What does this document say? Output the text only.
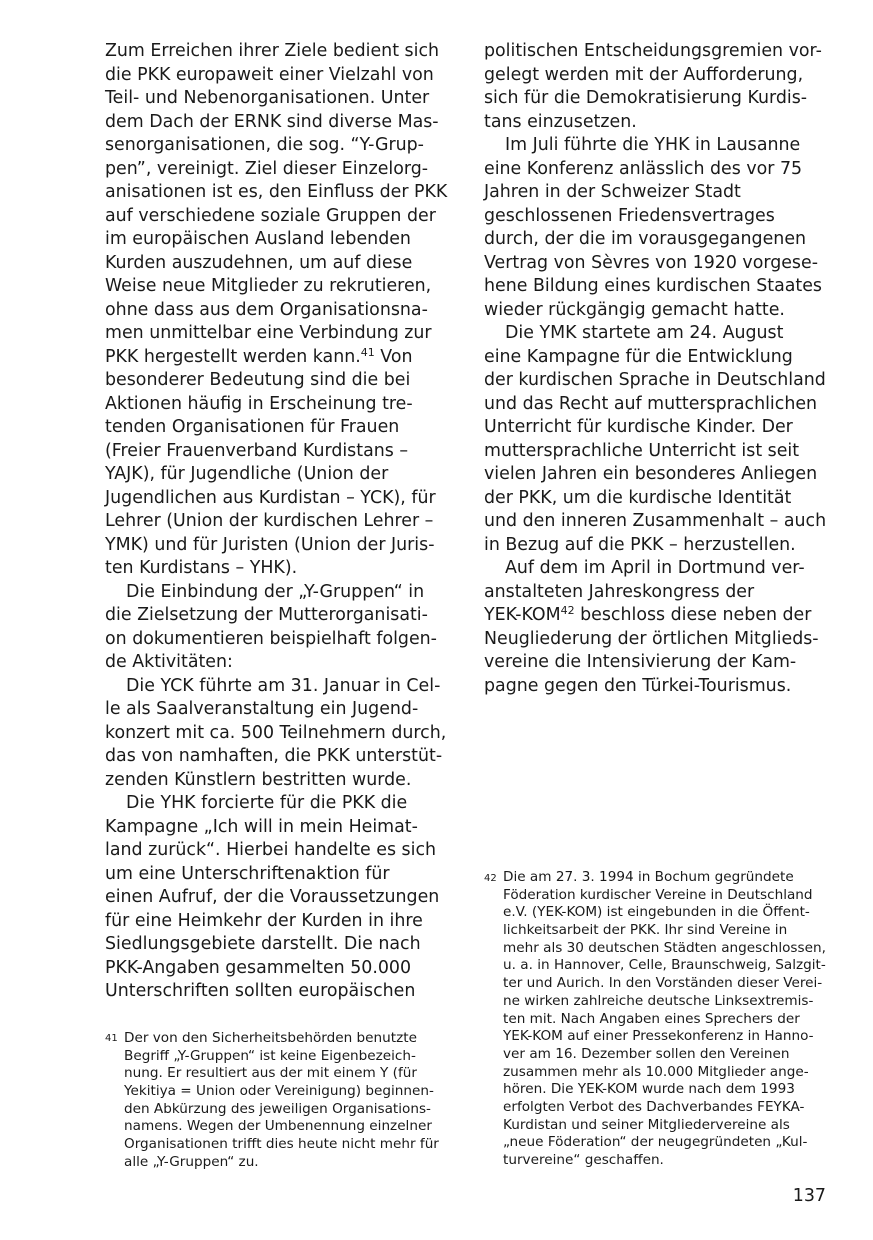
Zum Erreichen ihrer Ziele bedient sich
die PKK europaweit einer Vielzahl von
Teil- und Nebenorganisationen. Unter
dem Dach der ERNK sind diverse Mas-
senorganisationen, die sog. “Y-Grup-
pen”, vereinigt. Ziel dieser Einzelorg-
anisationen ist es, den Einfluss der PKK
auf verschiedene soziale Gruppen der
im europäischen Ausland lebenden
Kurden auszudehnen, um auf diese
Weise neue Mitglieder zu rekrutieren,
ohne dass aus dem Organisationsna-
men unmittelbar eine Verbindung zur
PKK hergestellt werden kann.$^{41}$ Von
besonderer Bedeutung sind die bei
Aktionen häufig in Erscheinung tre-
tenden Organisationen für Frauen
(Freier Frauenverband Kurdistans –
YAJK), für Jugendliche (Union der
Jugendlichen aus Kurdistan – YCK), für
Lehrer (Union der kurdischen Lehrer –
YMK) und für Juristen (Union der Juris-
ten Kurdistans – YHK).
Die Einbindung der „Y-Gruppen“ in
die Zielsetzung der Mutterorganisati-
on dokumentieren beispielhaft folgen-
de Aktivitäten:
Die YCK führte am 31. Januar in Cel-
le als Saalveranstaltung ein Jugend-
konzert mit ca. 500 Teilnehmern durch,
das von namhaften, die PKK unterstüt-
zenden Künstlern bestritten wurde.
Die YHK forcierte für die PKK die
Kampagne „Ich will in mein Heimat-
land zurück“. Hierbei handelte es sich
um eine Unterschriftenaktion für
einen Aufruf, der die Voraussetzungen
für eine Heimkehr der Kurden in ihre
Siedlungsgebiete darstellt. Die nach
PKK-Angaben gesammelten 50.000
Unterschriften sollten europäischen
politischen Entscheidungsgremien vor-
gelegt werden mit der Aufforderung,
sich für die Demokratisierung Kurdis-
tans einzusetzen.
Im Juli führte die YHK in Lausanne
eine Konferenz anlässlich des vor 75
Jahren in der Schweizer Stadt
geschlossenen Friedensvertrages
durch, der die im vorausgegangenen
Vertrag von Sèvres von 1920 vorgese-
hene Bildung eines kurdischen Staates
wieder rückgängig gemacht hatte.
Die YMK startete am 24. August
eine Kampagne für die Entwicklung
der kurdischen Sprache in Deutschland
und das Recht auf muttersprachlichen
Unterricht für kurdische Kinder. Der
muttersprachliche Unterricht ist seit
vielen Jahren ein besonderes Anliegen
der PKK, um die kurdische Identität
und den inneren Zusammenhalt – auch
in Bezug auf die PKK – herzustellen.
Auf dem im April in Dortmund ver-
anstalteten Jahreskongress der
YEK-KOM$^{42}$ beschloss diese neben der
Neugliederung der örtlichen Mitglieds-
vereine die Intensivierung der Kam-
pagne gegen den Türkei-Tourismus.
41 Der von den Sicherheitsbehörden benutzte
Begriff „Y-Gruppen“ ist keine Eigenbezeich-
nung. Er resultiert aus der mit einem Y (für
Yekitiya = Union oder Vereinigung) beginnen-
den Abkürzung des jeweiligen Organisations-
namens. Wegen der Umbenennung einzelner
Organisationen trifft dies heute nicht mehr für
alle „Y-Gruppen“ zu.
42 Die am 27. 3. 1994 in Bochum gegründete
Föderation kurdischer Vereine in Deutschland
e.V. (YEK-KOM) ist eingebunden in die Öffent-
lichkeitsarbeit der PKK. Ihr sind Vereine in
mehr als 30 deutschen Städten angeschlossen,
u. a. in Hannover, Celle, Braunschweig, Salzgit-
ter und Aurich. In den Vorständen dieser Verei-
ne wirken zahlreiche deutsche Linksextremis-
ten mit. Nach Angaben eines Sprechers der
YEK-KOM auf einer Pressekonferenz in Hanno-
ver am 16. Dezember sollen den Vereinen
zusammen mehr als 10.000 Mitglieder ange-
hören. Die YEK-KOM wurde nach dem 1993
erfolgten Verbot des Dachverbandes FEYKA-
Kurdistan und seiner Mitgliedervereine als
„neue Föderation“ der neugegründeten „Kul-
turvereine“ geschaffen.
137
